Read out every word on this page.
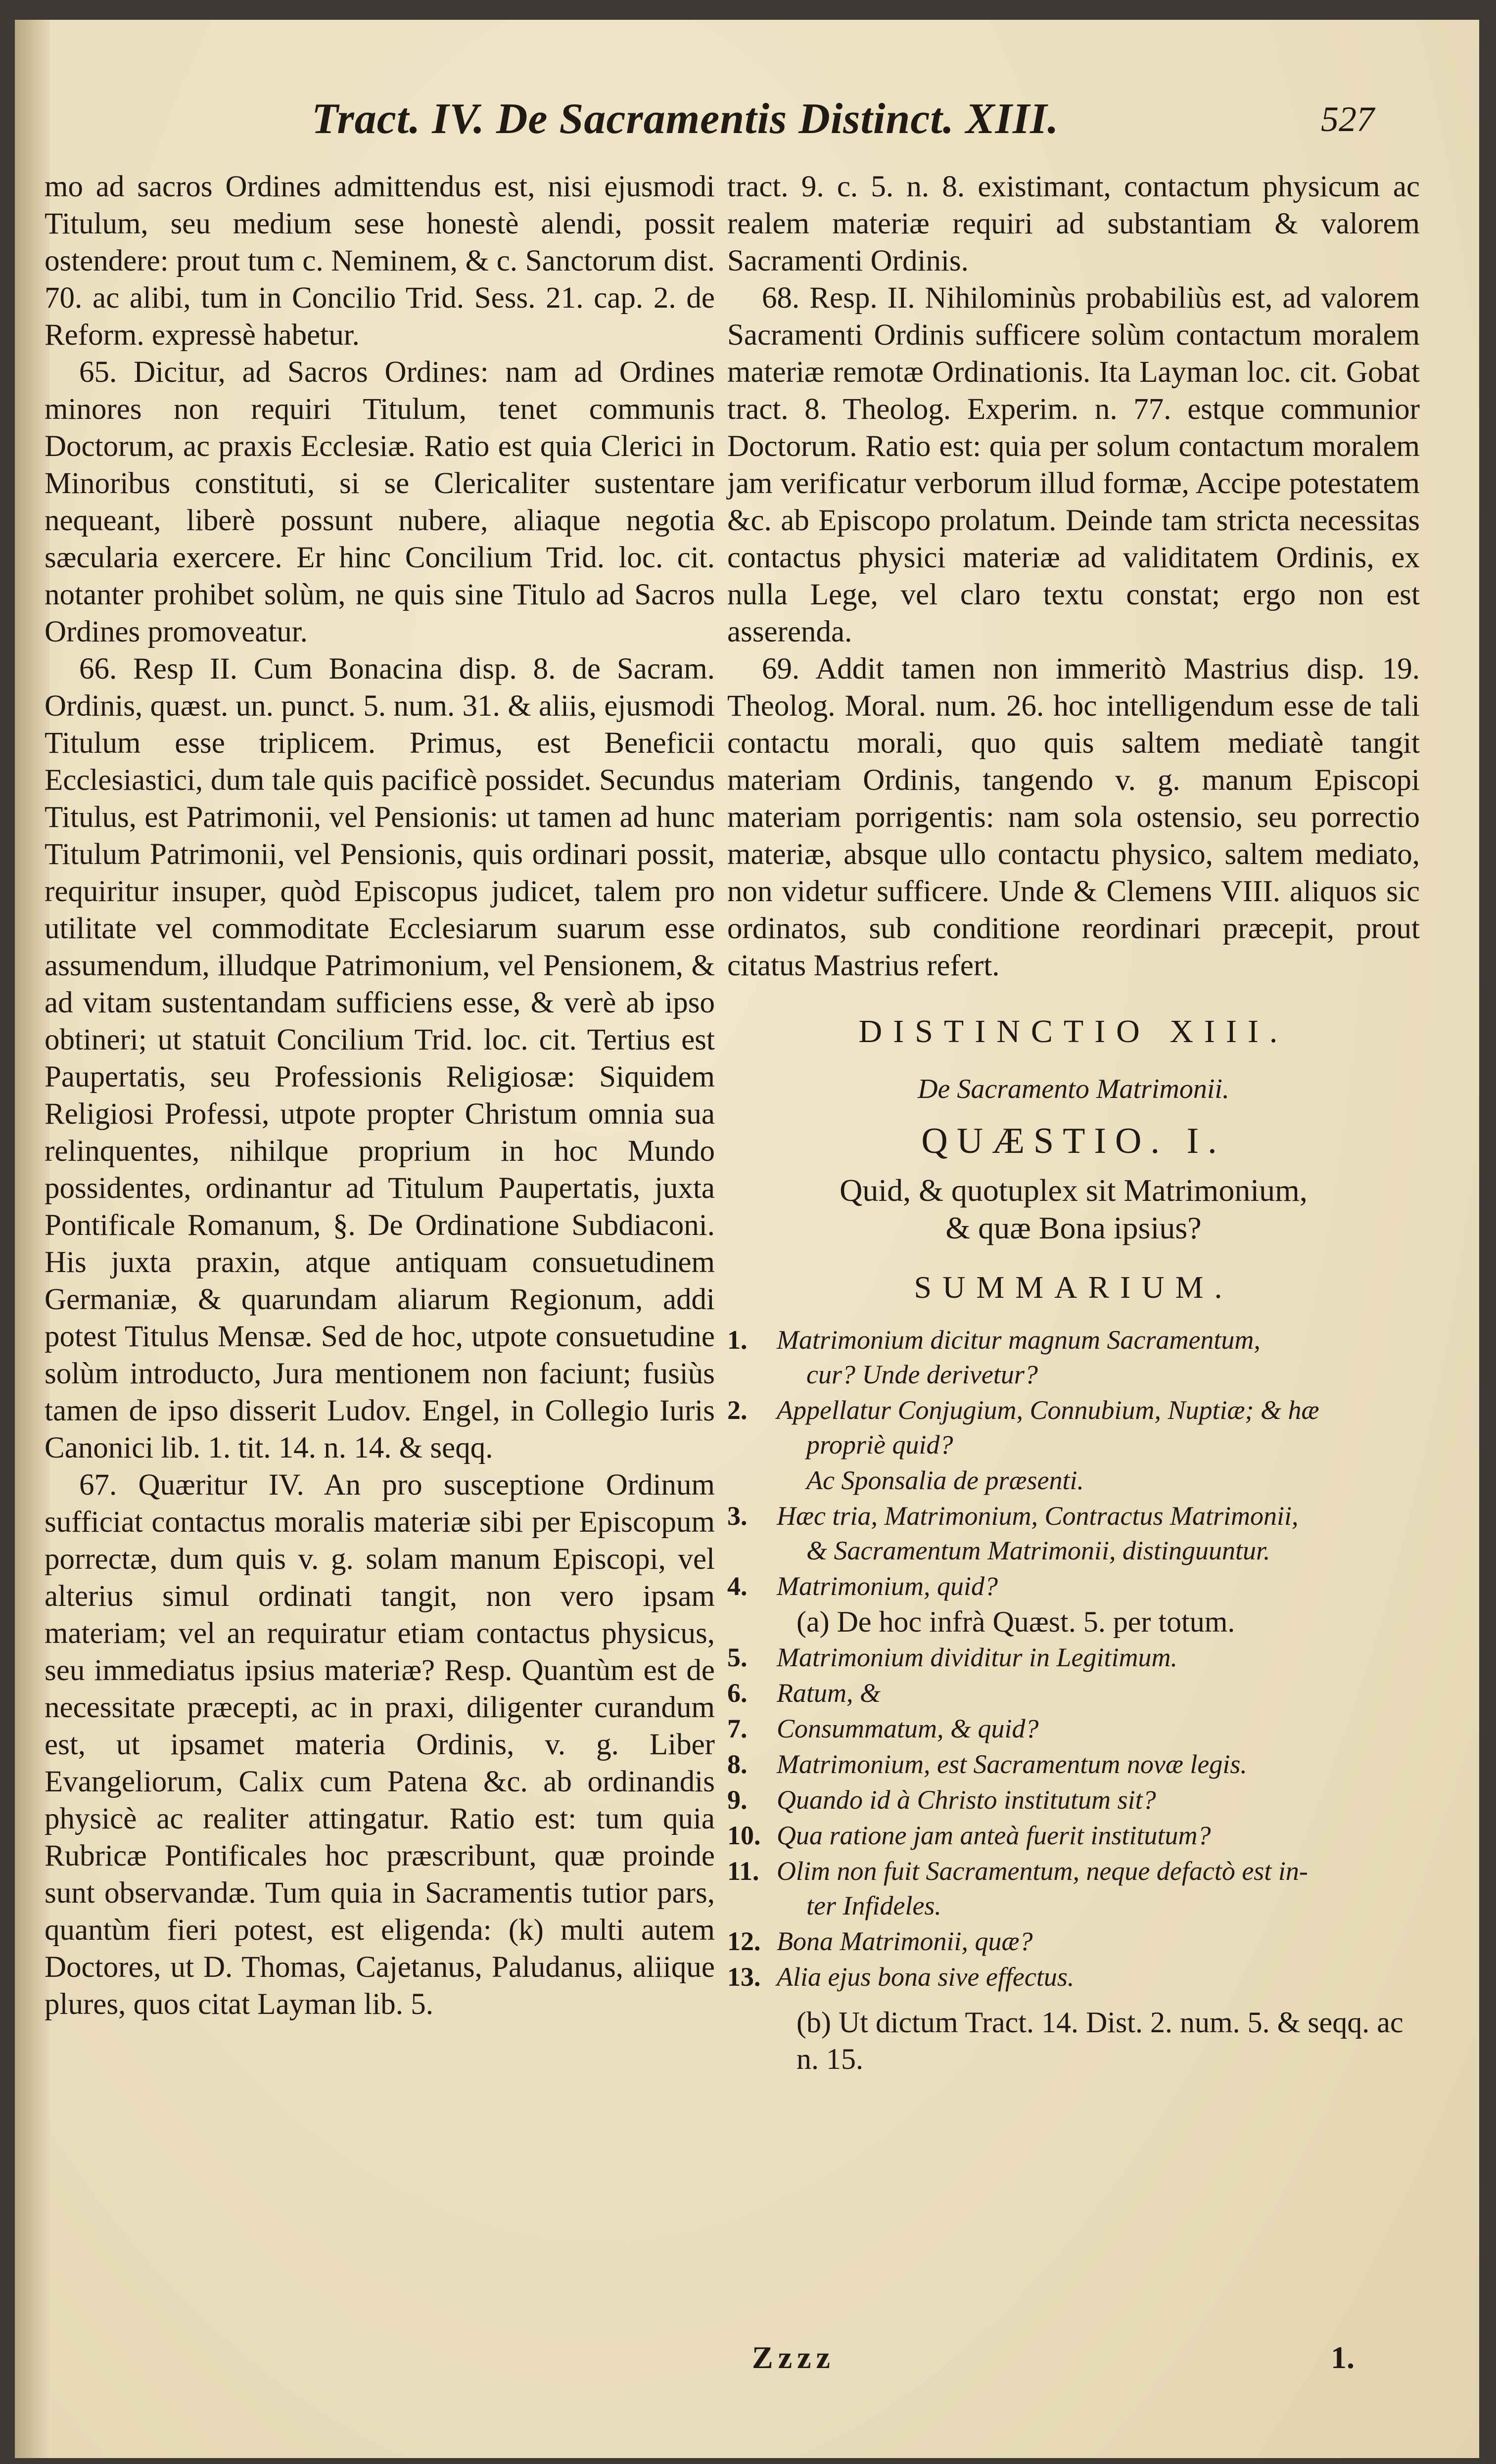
Tract. IV. De Sacramentis Distinct. XIII.	527

mo ad sacros Ordines admittendus est, nisi ejusmodi Titulum, seu medium sese honestè alendi, possit ostendere: prout tum c. Neminem, & c. Sanctorum dist. 70. ac alibi, tum in Concilio Trid. Sess. 21. cap. 2. de Reform. expressè habetur.

65. Dicitur, ad Sacros Ordines: nam ad Ordines minores non requiri Titulum, tenet communis Doctorum, ac praxis Ecclesiæ. Ratio est quia Clerici in Minoribus constituti, si se Clericaliter sustentare nequeant, liberè possunt nubere, aliaque negotia sæcularia exercere. Er hinc Concilium Trid. loc. cit. notanter prohibet solùm, ne quis sine Titulo ad Sacros Ordines promoveatur.

66. Resp II. Cum Bonacina disp. 8. de Sacram. Ordinis, quæst. un. punct. 5. num. 31. & aliis, ejusmodi Titulum esse triplicem. Primus, est Beneficii Ecclesiastici, dum tale quis pacificè possidet. Secundus Titulus, est Patrimonii, vel Pensionis: ut tamen ad hunc Titulum Patrimonii, vel Pensionis, quis ordinari possit, requiritur insuper, quòd Episcopus judicet, talem pro utilitate vel commoditate Ecclesiarum suarum esse assumendum, illudque Patrimonium, vel Pensionem, & ad vitam sustentandam sufficiens esse, & verè ab ipso obtineri; ut statuit Concilium Trid. loc. cit. Tertius est Paupertatis, seu Professionis Religiosæ: Siquidem Religiosi Professi, utpote propter Christum omnia sua relinquentes, nihilque proprium in hoc Mundo possidentes, ordinantur ad Titulum Paupertatis, juxta Pontificale Romanum, §. De Ordinatione Subdiaconi. His juxta praxin, atque antiquam consuetudinem Germaniæ, & quarundam aliarum Regionum, addi potest Titulus Mensæ. Sed de hoc, utpote consuetudine solùm introducto, Jura mentionem non faciunt; fusiùs tamen de ipso disserit Ludov. Engel, in Collegio Iuris Canonici lib. 1. tit. 14. n. 14. & seqq.

67. Quæritur IV. An pro susceptione Ordinum sufficiat contactus moralis materiæ sibi per Episcopum porrectæ, dum quis v. g. solam manum Episcopi, vel alterius simul ordinati tangit, non vero ipsam materiam; vel an requiratur etiam contactus physicus, seu immediatus ipsius materiæ? Resp. Quantùm est de necessitate præcepti, ac in praxi, diligenter curandum est, ut ipsamet materia Ordinis, v. g. Liber Evangeliorum, Calix cum Patena &c. ab ordinandis physicè ac realiter attingatur. Ratio est: tum quia Rubricæ Pontificales hoc præscribunt, quæ proinde sunt observandæ. Tum quia in Sacramentis tutior pars, quantùm fieri potest, est eligenda: (k) multi autem Doctores, ut D. Thomas, Cajetanus, Paludanus, aliique plures, quos citat Layman lib. 5.

tract. 9. c. 5. n. 8. existimant, contactum physicum ac realem materiæ requiri ad substantiam & valorem Sacramenti Ordinis.

68. Resp. II. Nihilominùs probabiliùs est, ad valorem Sacramenti Ordinis sufficere solùm contactum moralem materiæ remotæ Ordinationis. Ita Layman loc. cit. Gobat tract. 8. Theolog. Experim. n. 77. estque communior Doctorum. Ratio est: quia per solum contactum moralem jam verificatur verborum illud formæ, Accipe potestatem &c. ab Episcopo prolatum. Deinde tam stricta necessitas contactus physici materiæ ad validitatem Ordinis, ex nulla Lege, vel claro textu constat; ergo non est asserenda.

69. Addit tamen non immeritò Mastrius disp. 19. Theolog. Moral. num. 26. hoc intelligendum esse de tali contactu morali, quo quis saltem mediatè tangit materiam Ordinis, tangendo v. g. manum Episcopi materiam porrigentis: nam sola ostensio, seu porrectio materiæ, absque ullo contactu physico, saltem mediato, non videtur sufficere. Unde & Clemens VIII. aliquos sic ordinatos, sub conditione reordinari præcepit, prout citatus Mastrius refert.

DISTINCTIO XIII.
De Sacramento Matrimonii.
QUÆSTIO. I.
Quid, & quotuplex sit Matrimonium,
& quæ Bona ipsius?
SUMMARIUM.
1.	Matrimonium dicitur magnum Sacramentum,
cur? Unde derivetur?
2.	Appellatur Conjugium, Connubium, Nuptiæ; & hæ
propriè quid?
Ac Sponsalia de præsenti.
3.	Hæc tria, Matrimonium, Contractus Matrimonii,
& Sacramentum Matrimonii, distinguuntur.
4.	Matrimonium, quid?
(a) De hoc infrà Quæst. 5. per totum.
5.	Matrimonium dividitur in Legitimum.
6.	Ratum, &
7.	Consummatum, & quid?
8.	Matrimonium, est Sacramentum novæ legis.
9.	Quando id à Christo institutum sit?
10. Qua ratione jam anteà fuerit institutum?
11. Olim non fuit Sacramentum, neque defactò est in-
ter Infideles.
12. Bona Matrimonii, quæ?
13. Alia ejus bona sive effectus.
(b) Ut dictum Tract. 14. Dist. 2. num. 5. & seqq. ac n. 15.
Zzzz	1.
